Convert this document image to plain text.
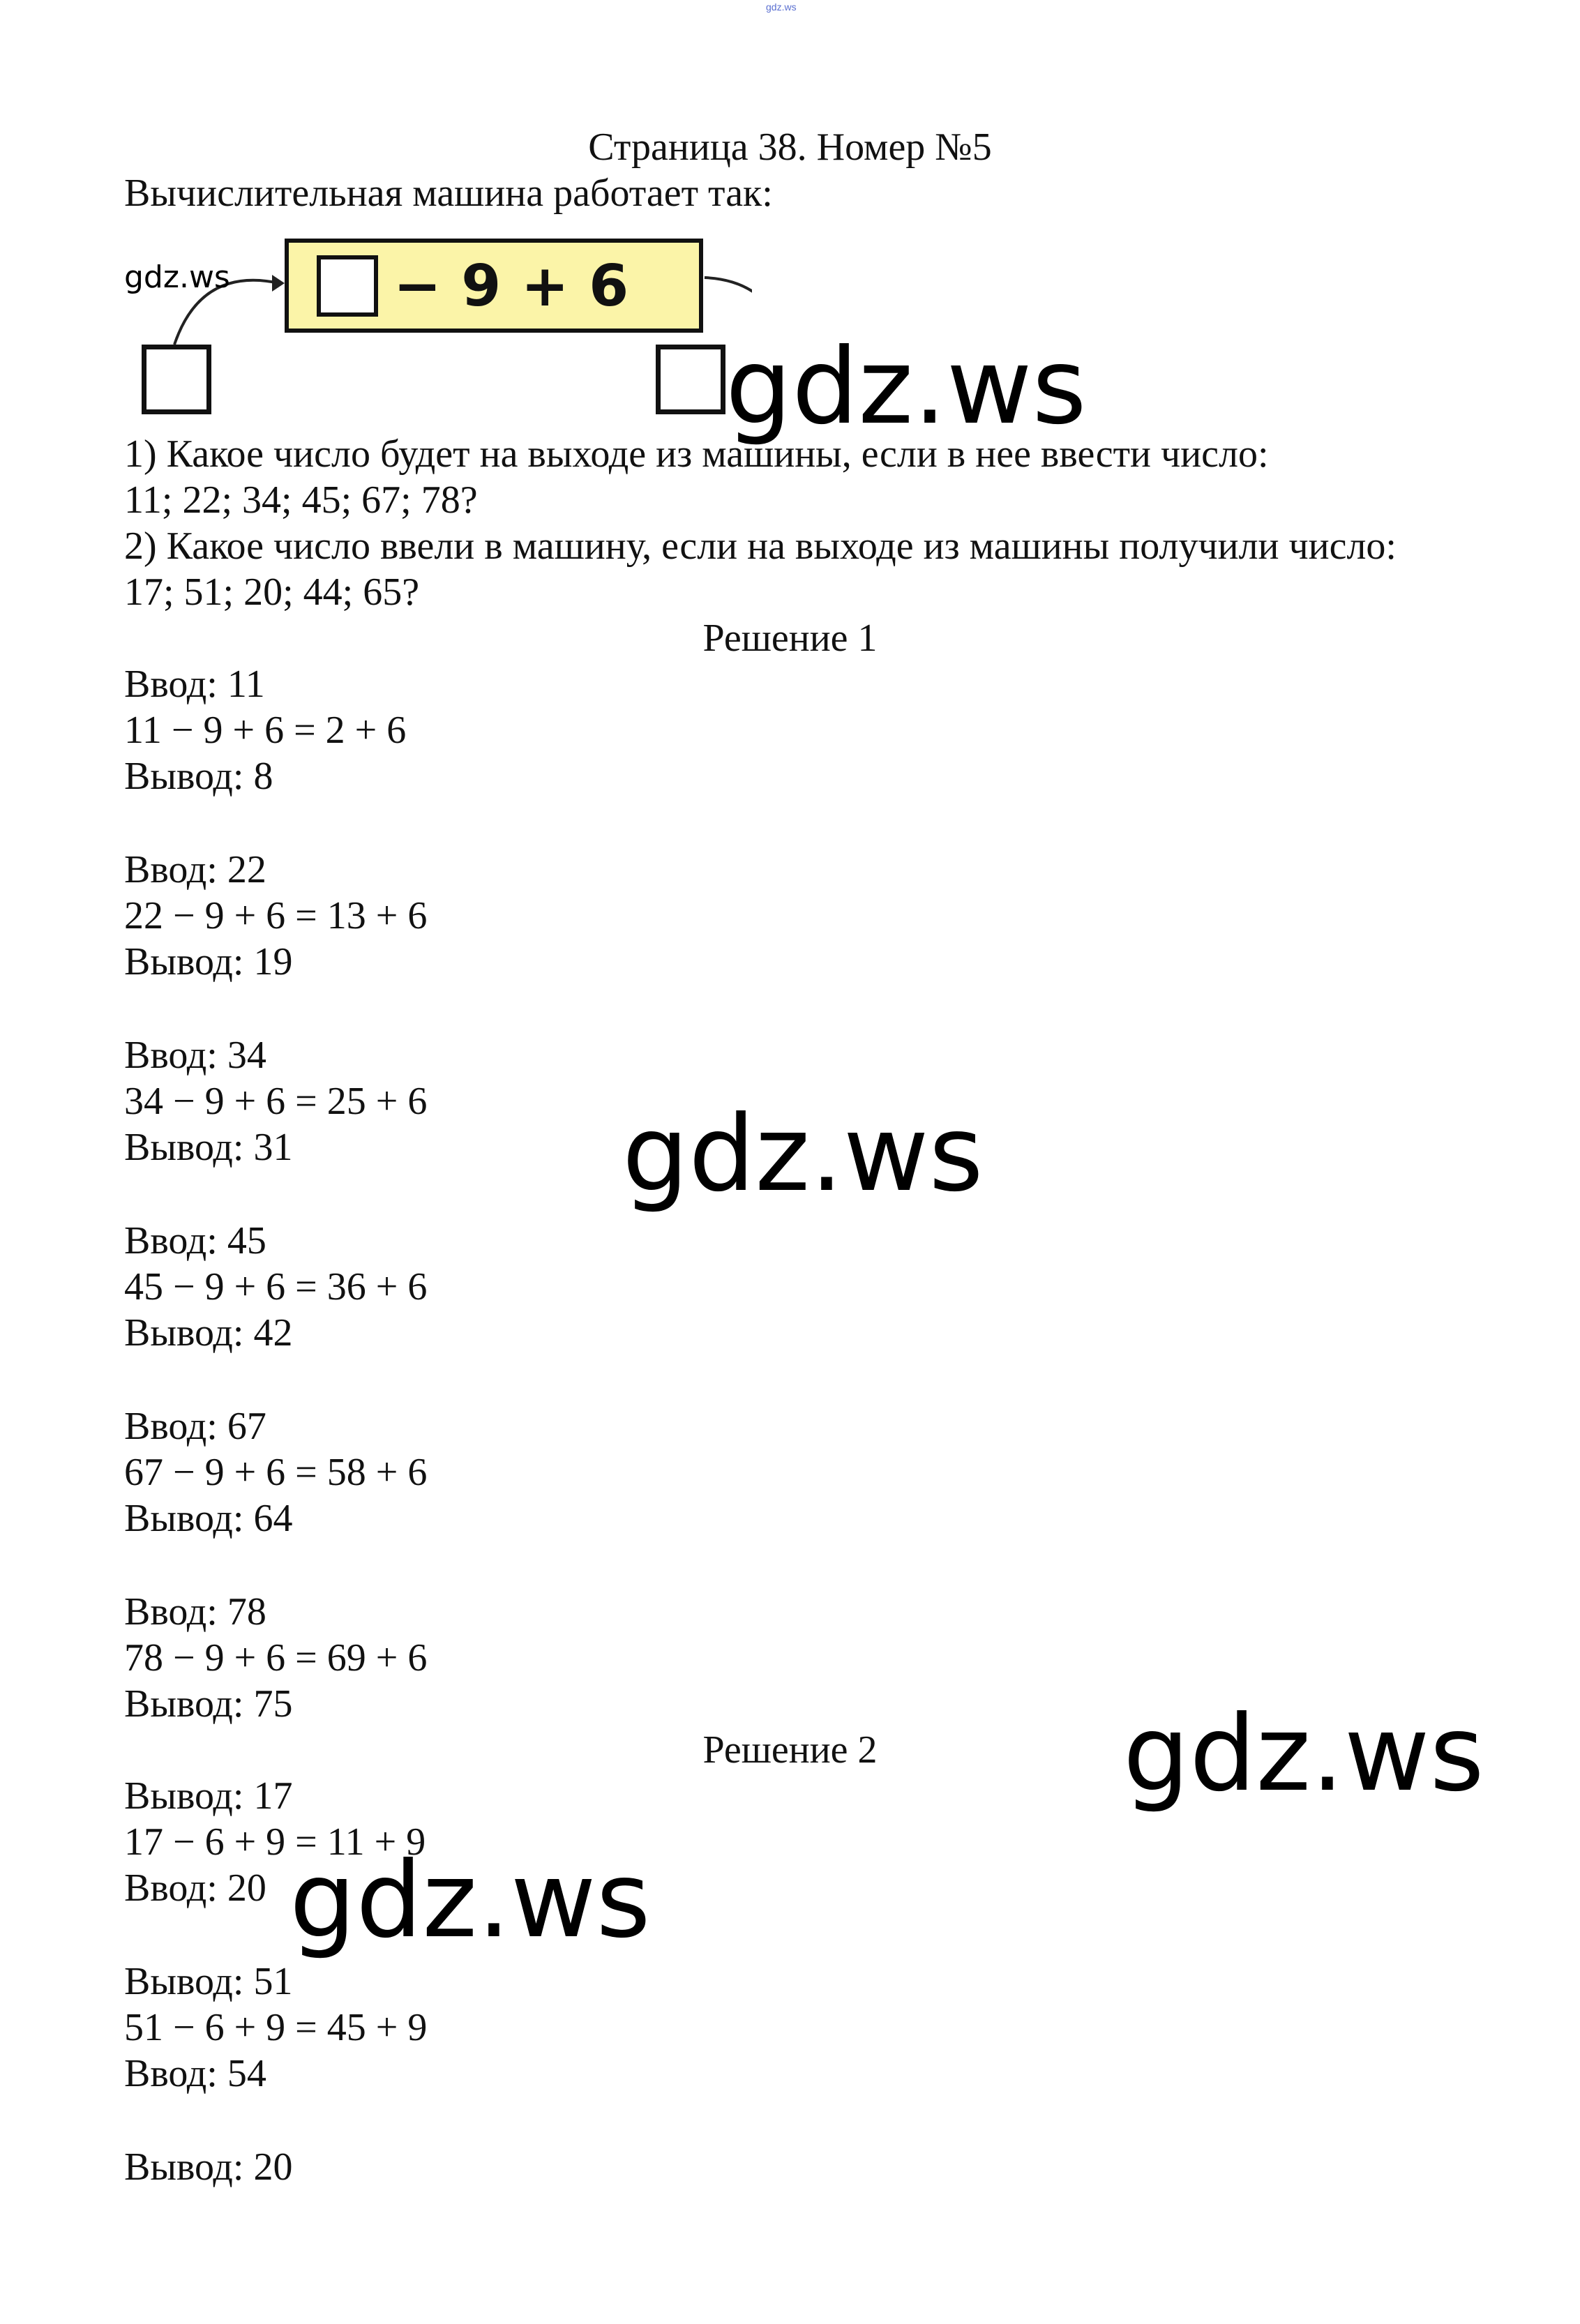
gdz.ws
Страница 38. Номер №5
Вычислительная машина работает так:
gdz.ws	− 9 + 6
1) Какое число будет на выходе из машины, если в нее ввести число:
11; 22; 34; 45; 67; 78?
2) Какое число ввели в машину, если на выходе из машины получили число:
17; 51; 20; 44; 65?
Решение 1
Ввод: 11
11 − 9 + 6 = 2 + 6
Вывод: 8
Ввод: 22
22 − 9 + 6 = 13 + 6
Вывод: 19
Ввод: 34
34 − 9 + 6 = 25 + 6
Вывод: 31
Ввод: 45
45 − 9 + 6 = 36 + 6
Вывод: 42
Ввод: 67
67 − 9 + 6 = 58 + 6
Вывод: 64
Ввод: 78
78 − 9 + 6 = 69 + 6
Вывод: 75
Решение 2
Вывод: 17
17 − 6 + 9 = 11 + 9
Ввод: 20
Вывод: 51
51 − 6 + 9 = 45 + 9
Ввод: 54
Вывод: 20
gdz.ws
gdz.ws
gdz.ws
gdz.ws
